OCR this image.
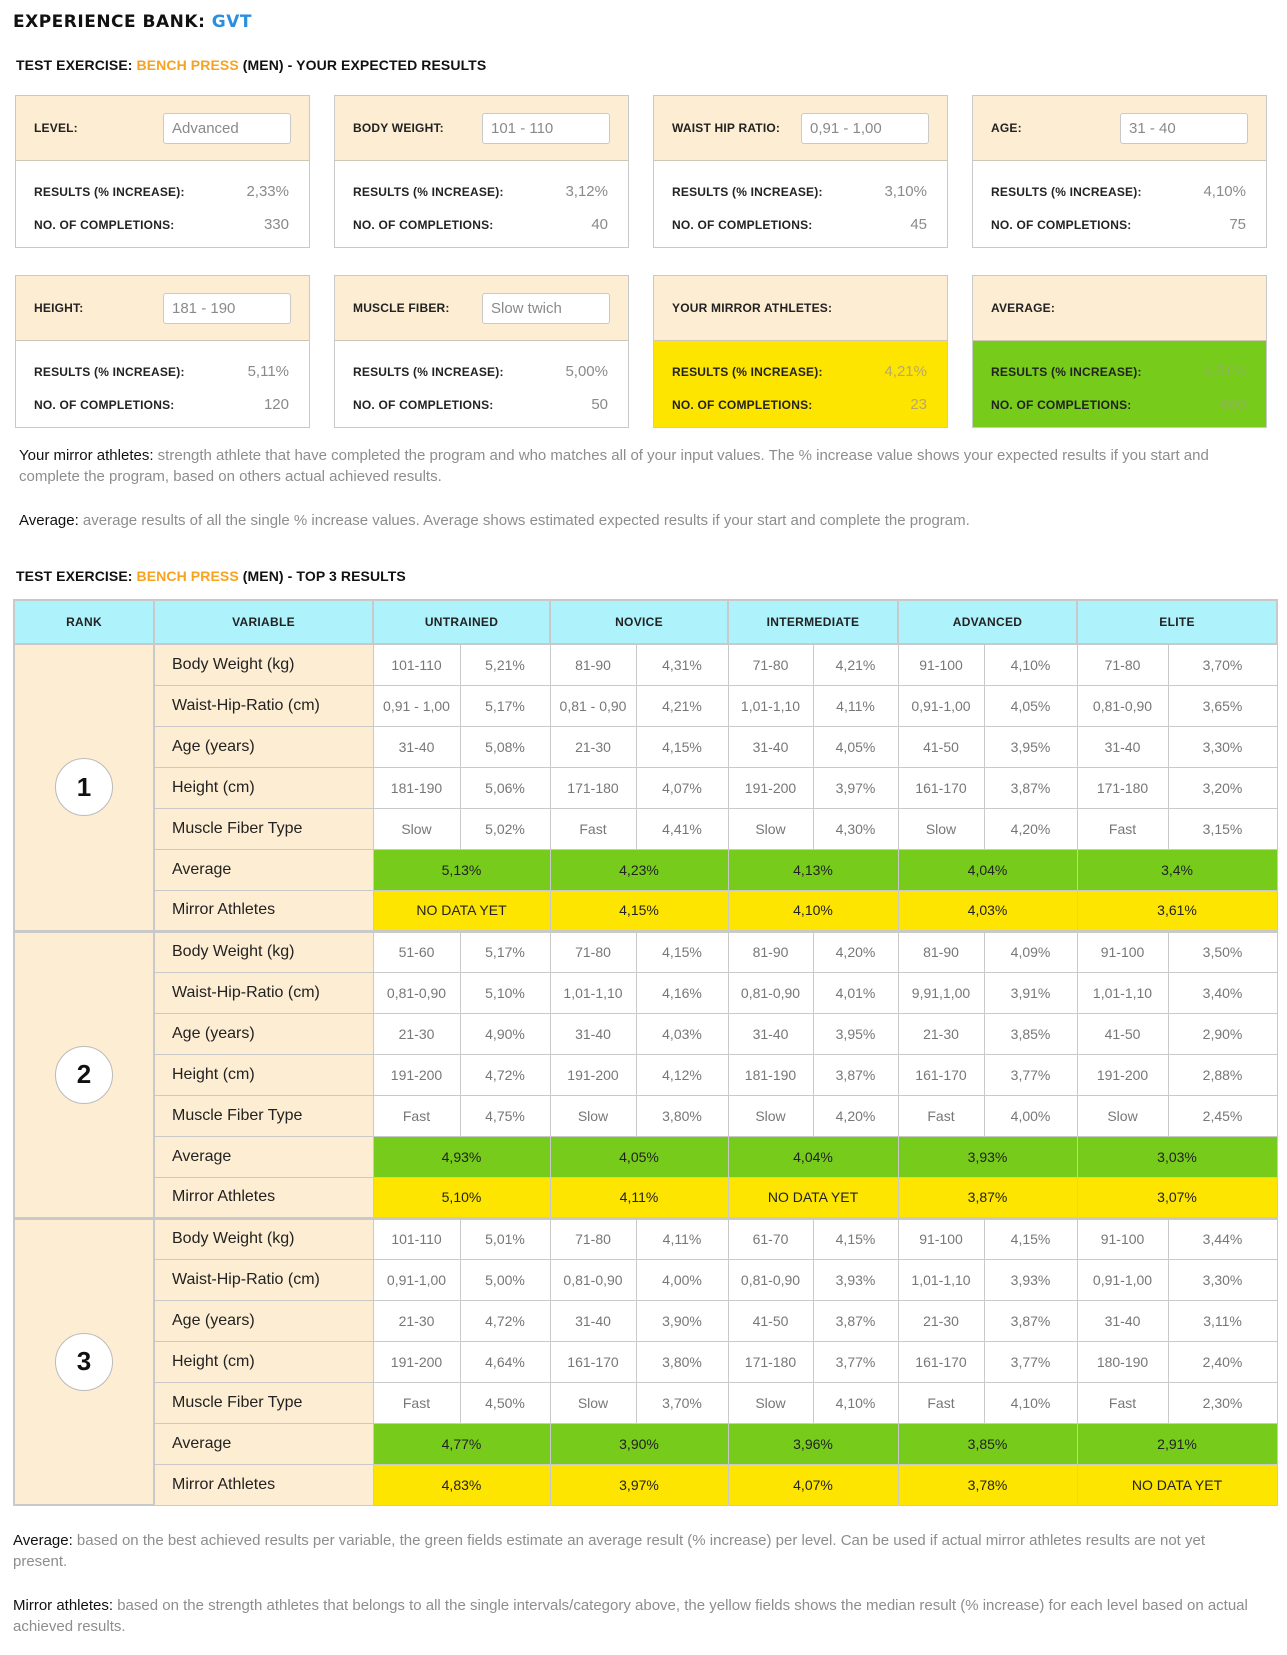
EXPERIENCE BANK: GVT
TEST EXERCISE: BENCH PRESS (MEN) - YOUR EXPECTED RESULTS
LEVEL:	Advanced
RESULTS (% INCREASE):	2,33%
NO. OF COMPLETIONS:	330
BODY WEIGHT:	101 - 110
RESULTS (% INCREASE):	3,12%
NO. OF COMPLETIONS:	40
WAIST HIP RATIO:	0,91 - 1,00
RESULTS (% INCREASE):	3,10%
NO. OF COMPLETIONS:	45
AGE:	31 - 40
RESULTS (% INCREASE):	4,10%
NO. OF COMPLETIONS:	75
HEIGHT:	181 - 190
RESULTS (% INCREASE):	5,11%
NO. OF COMPLETIONS:	120
MUSCLE FIBER:	Slow twich
RESULTS (% INCREASE):	5,00%
NO. OF COMPLETIONS:	50
YOUR MIRROR ATHLETES:
RESULTS (% INCREASE):	4,21%
NO. OF COMPLETIONS:	23
AVERAGE:
RESULTS (% INCREASE):	4,51%
NO. OF COMPLETIONS:	660
Your mirror athletes: strength athlete that have completed the program and who matches all of your input values. The % increase value shows your expected results if you start and complete the program, based on others actual achieved results.
Average: average results of all the single % increase values. Average shows estimated expected results if your start and complete the program.
TEST EXERCISE: BENCH PRESS (MEN) - TOP 3 RESULTS
RANK	VARIABLE	UNTRAINED		NOVICE		INTERMEDIATE		ADVANCED		ELITE	
1	Body Weight (kg)	101-110	5,21%	81-90	4,31%	71-80	4,21%	91-100	4,10%	71-80	3,70%
	Waist-Hip-Ratio (cm)	0,91 - 1,00	5,17%	0,81 - 0,90	4,21%	1,01-1,10	4,11%	0,91-1,00	4,05%	0,81-0,90	3,65%
	Age (years)	31-40	5,08%	21-30	4,15%	31-40	4,05%	41-50	3,95%	31-40	3,30%
	Height (cm)	181-190	5,06%	171-180	4,07%	191-200	3,97%	161-170	3,87%	171-180	3,20%
	Muscle Fiber Type	Slow	5,02%	Fast	4,41%	Slow	4,30%	Slow	4,20%	Fast	3,15%
	Average	5,13%		4,23%		4,13%		4,04%		3,4%	
	Mirror Athletes	NO DATA YET		4,15%		4,10%		4,03%		3,61%	
2	Body Weight (kg)	51-60	5,17%	71-80	4,15%	81-90	4,20%	81-90	4,09%	91-100	3,50%
	Waist-Hip-Ratio (cm)	0,81-0,90	5,10%	1,01-1,10	4,16%	0,81-0,90	4,01%	9,91,1,00	3,91%	1,01-1,10	3,40%
	Age (years)	21-30	4,90%	31-40	4,03%	31-40	3,95%	21-30	3,85%	41-50	2,90%
	Height (cm)	191-200	4,72%	191-200	4,12%	181-190	3,87%	161-170	3,77%	191-200	2,88%
	Muscle Fiber Type	Fast	4,75%	Slow	3,80%	Slow	4,20%	Fast	4,00%	Slow	2,45%
	Average	4,93%		4,05%		4,04%		3,93%		3,03%	
	Mirror Athletes	5,10%		4,11%		NO DATA YET		3,87%		3,07%	
3	Body Weight (kg)	101-110	5,01%	71-80	4,11%	61-70	4,15%	91-100	4,15%	91-100	3,44%
	Waist-Hip-Ratio (cm)	0,91-1,00	5,00%	0,81-0,90	4,00%	0,81-0,90	3,93%	1,01-1,10	3,93%	0,91-1,00	3,30%
	Age (years)	21-30	4,72%	31-40	3,90%	41-50	3,87%	21-30	3,87%	31-40	3,11%
	Height (cm)	191-200	4,64%	161-170	3,80%	171-180	3,77%	161-170	3,77%	180-190	2,40%
	Muscle Fiber Type	Fast	4,50%	Slow	3,70%	Slow	4,10%	Fast	4,10%	Fast	2,30%
	Average	4,77%		3,90%		3,96%		3,85%		2,91%	
	Mirror Athletes	4,83%		3,97%		4,07%		3,78%		NO DATA YET	
Average: based on the best achieved results per variable, the green fields estimate an average result (% increase) per level. Can be used if actual mirror athletes results are not yet present.
Mirror athletes: based on the strength athletes that belongs to all the single intervals/category above, the yellow fields shows the median result (% increase) for each level based on actual achieved results.
